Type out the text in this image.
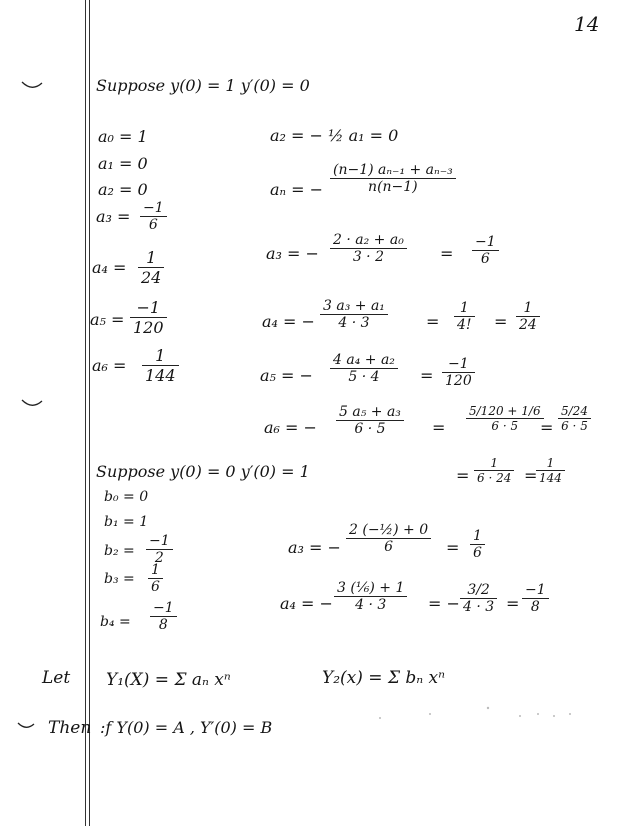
14
Suppose y(0) = 1 y′(0) = 0
a₀ = 1
a₁ = 0
a₂ = 0
$a_3 = \frac{-1}{6}$
$a_4 = \frac{1}{24}$
$a_5 = \frac{-1}{120}$
$a_6 = \frac{1}{144}$
a₂ = − ½ a₁ = 0
aₙ = − $\frac{\text{(n−1) aₙ₋₁ + aₙ₋₃}}{n(n-1)}$
a₃ = − $\frac{\text{2 · a₂ + a₀}}{3 \cdot 2} = \frac{-1}{6}$
a₄ = − $\frac{\text{3 a₃ + a₁}}{4 \cdot 3} = \frac{1}{4!} = \frac{1}{24}$
a₅ = − $\frac{\text{4 a₄ + a₂}}{5 \cdot 4} = \frac{-1}{120}$
a₆ = − $\frac{\text{5 a₅ + a₃}}{6 \cdot 5} = \frac{5/120 + 1/6}{6 \cdot 5}$
= $\frac{5/24}{6 \cdot 5}$
= $\frac{1}{6 \cdot 24}$ =
$\frac{1}{144}$
Suppose y(0) = 0 y′(0) = 1
b₀ = 0
b₁ = 1
$b_2 = \frac{-1}{2}$
$b_3 = \frac{1}{6}$
$b_4 = \frac{-1}{8}$
a₃ = − $\frac{\text{2 (−½) + 0}}{6} = \frac{1}{6}$
a₄ = − $\frac{\text{3 (⅙) + 1}}{4 \cdot 3}$ = − $\frac{3/2}{4 \cdot 3} = \frac{-1}{8}$
Let Y₁(X) = Σ aₙ xⁿ	Y₂(x) = Σ bₙ xⁿ
Then :f Y(0) = A , Y′(0) = B
